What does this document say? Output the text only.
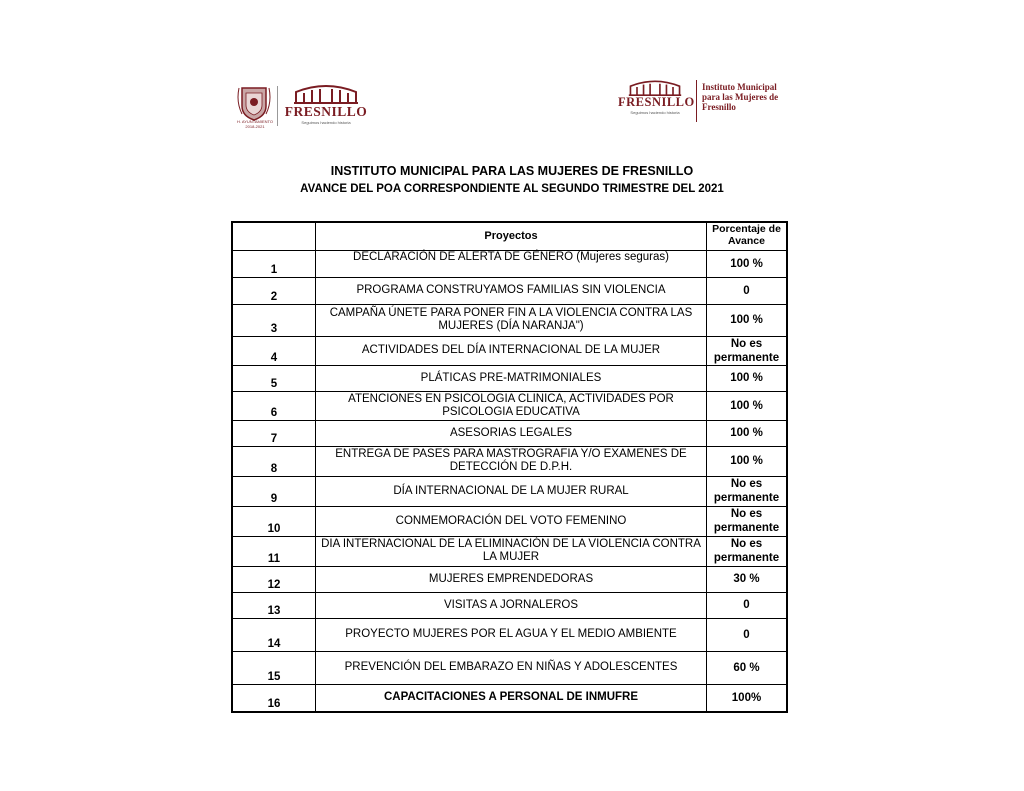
H. AYUNTAMIENTO 2018-2021
FRESNILLO
Seguimos haciendo historia
FRESNILLO
Seguimos haciendo historia
Instituto Municipal para las Mujeres de Fresnillo
INSTITUTO MUNICIPAL PARA LAS MUJERES DE FRESNILLO
AVANCE DEL POA CORRESPONDIENTE AL SEGUNDO TRIMESTRE DEL 2021
	Proyectos	Porcentaje de Avance
1	DECLARACIÓN DE ALERTA DE GÉNERO (Mujeres seguras)	100 %
2	PROGRAMA CONSTRUYAMOS FAMILIAS SIN VIOLENCIA	0
3	CAMPAÑA ÚNETE PARA PONER FIN A LA VIOLENCIA CONTRA LAS MUJERES (DÍA NARANJA")	100 %
4	ACTIVIDADES DEL DÍA INTERNACIONAL DE LA MUJER	No es permanente
5	PLÁTICAS PRE-MATRIMONIALES	100 %
6	ATENCIONES EN PSICOLOGIA CLINICA, ACTIVIDADES POR PSICOLOGIA EDUCATIVA	100 %
7	ASESORIAS LEGALES	100 %
8	ENTREGA DE PASES PARA MASTROGRAFIA Y/O EXAMENES DE DETECCIÓN DE D.P.H.	100 %
9	DÍA INTERNACIONAL DE LA MUJER RURAL	No es permanente
10	CONMEMORACIÓN DEL VOTO FEMENINO	No es permanente
11	DIA INTERNACIONAL DE LA ELIMINACIÓN DE LA VIOLENCIA CONTRA LA MUJER	No es permanente
12	MUJERES EMPRENDEDORAS	30 %
13	VISITAS A JORNALEROS	0
14	PROYECTO MUJERES POR EL AGUA Y EL MEDIO AMBIENTE	0
15	PREVENCIÓN DEL EMBARAZO EN NIÑAS Y ADOLESCENTES	60 %
16	CAPACITACIONES A PERSONAL DE INMUFRE	100%
